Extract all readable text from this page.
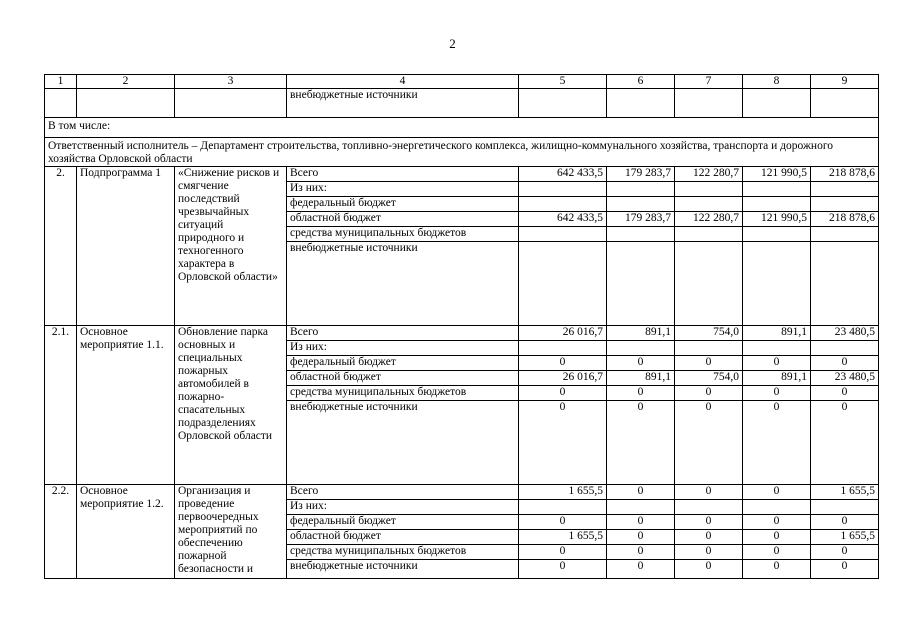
2
1	2	3	4	5	6	7	8	9
			внебюджетные источники					
В том числе:								
Ответственный исполнитель – Департамент строительства, топливно-энергетического комплекса, жилищно-коммунального хозяйства, транспорта и дорожного хозяйства Орловской области								
2.	Подпрограмма 1	«Снижение рисков и смягчение последствий чрезвычайных ситуаций природного и техногенного характера в Орловской области»	Всего	642 433,5	179 283,7	122 280,7	121 990,5	218 878,6
			Из них:					
			федеральный бюджет					
			областной бюджет	642 433,5	179 283,7	122 280,7	121 990,5	218 878,6
			средства муниципальных бюджетов					
			внебюджетные источники					
2.1.	Основное мероприятие 1.1.	Обновление парка основных и специальных пожарных автомобилей в пожарно-спасательных подразделениях Орловской области	Всего	26 016,7	891,1	754,0	891,1	23 480,5
			Из них:					
			федеральный бюджет	0	0	0	0	0
			областной бюджет	26 016,7	891,1	754,0	891,1	23 480,5
			средства муниципальных бюджетов	0	0	0	0	0
			внебюджетные источники	0	0	0	0	0
2.2.	Основное мероприятие 1.2.	Организация и проведение первоочередных мероприятий по обеспечению пожарной безопасности и	Всего	1 655,5	0	0	0	1 655,5
			Из них:					
			федеральный бюджет	0	0	0	0	0
			областной бюджет	1 655,5	0	0	0	1 655,5
			средства муниципальных бюджетов	0	0	0	0	0
			внебюджетные источники	0	0	0	0	0
